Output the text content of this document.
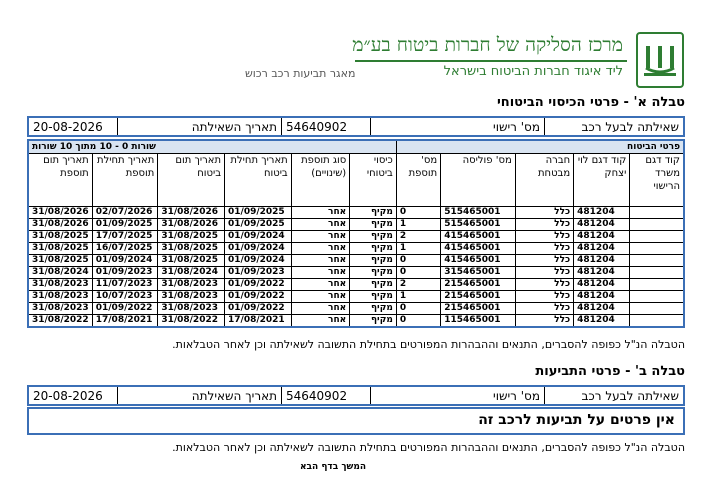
מרכז הסליקה של חברות ביטוח בע״מ
ליד איגוד חברות הביטוח בישראל
מאגר תביעות רכב רכוש
טבלה א' - פרטי הכיסוי הביטוחי
שאילתה לבעל רכב	מס' רישוי	54640902	תאריך השאילתה	20-08-2026
פרטי הביטוח					שורות 0 - 10 מתוך 10 שורות					
קוד דגם משרד הרישוי	קוד דגם לוי יצחק	חברה מבטחת	מס' פוליסה	מס' תוספת	כיסוי ביטוחי	סוג תוספת (שינויים)	תאריך תחילת ביטוח	תאריך תום ביטוח	תאריך תחילת תוספת	תאריך תום תוספת
	481204	כלל	515465001	0	מקיף	אחר	01/09/2025	31/08/2026	02/07/2026	31/08/2026
	481204	כלל	515465001	1	מקיף	אחר	01/09/2025	31/08/2026	01/09/2025	31/08/2026
	481204	כלל	415465001	2	מקיף	אחר	01/09/2024	31/08/2025	17/07/2025	31/08/2025
	481204	כלל	415465001	1	מקיף	אחר	01/09/2024	31/08/2025	16/07/2025	31/08/2025
	481204	כלל	415465001	0	מקיף	אחר	01/09/2024	31/08/2025	01/09/2024	31/08/2025
	481204	כלל	315465001	0	מקיף	אחר	01/09/2023	31/08/2024	01/09/2023	31/08/2024
	481204	כלל	215465001	2	מקיף	אחר	01/09/2022	31/08/2023	11/07/2023	31/08/2023
	481204	כלל	215465001	1	מקיף	אחר	01/09/2022	31/08/2023	10/07/2023	31/08/2023
	481204	כלל	215465001	0	מקיף	אחר	01/09/2022	31/08/2023	01/09/2022	31/08/2023
	481204	כלל	115465001	0	מקיף	אחר	17/08/2021	31/08/2022	17/08/2021	31/08/2022
הטבלה הנ"ל כפופה להסברים, התנאים וההבהרות המפורטים בתחילת התשובה לשאילתה וכן לאחר הטבלאות.
טבלה ב' - פרטי התביעות
שאילתה לבעל רכב	מס' רישוי	54640902	תאריך השאילתה	20-08-2026
אין פרטים על תביעות לרכב זה
הטבלה הנ"ל כפופה להסברים, התנאים וההבהרות המפורטים בתחילת התשובה לשאילתה וכן לאחר הטבלאות.
המשך בדף הבא
